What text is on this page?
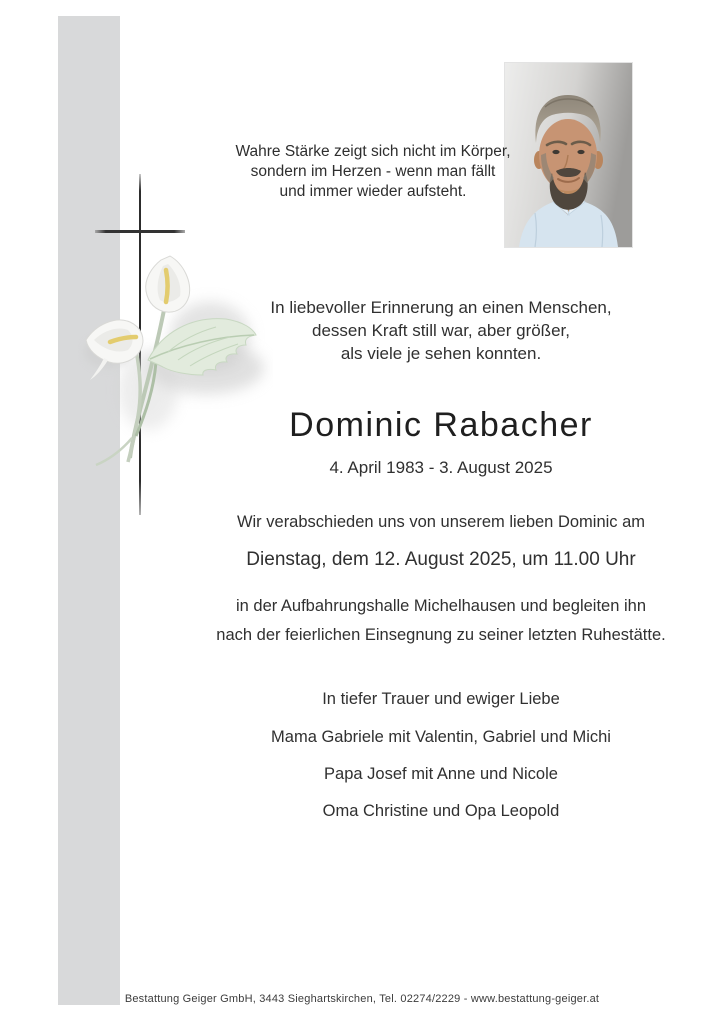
Wahre Stärke zeigt sich nicht im Körper,
sondern im Herzen - wenn man fällt
und immer wieder aufsteht.
In liebevoller Erinnerung an einen Menschen,
dessen Kraft still war, aber größer,
als viele je sehen konnten.
Dominic Rabacher
4. April 1983 - 3. August 2025
Wir verabschieden uns von unserem lieben Dominic am
Dienstag, dem 12. August 2025, um 11.00 Uhr
in der Aufbahrungshalle Michelhausen und begleiten ihn
nach der feierlichen Einsegnung zu seiner letzten Ruhestätte.
In tiefer Trauer und ewiger Liebe
Mama Gabriele mit Valentin, Gabriel und Michi
Papa Josef mit Anne und Nicole
Oma Christine und Opa Leopold
Bestattung Geiger GmbH, 3443 Sieghartskirchen, Tel. 02274/2229 - www.bestattung-geiger.at
